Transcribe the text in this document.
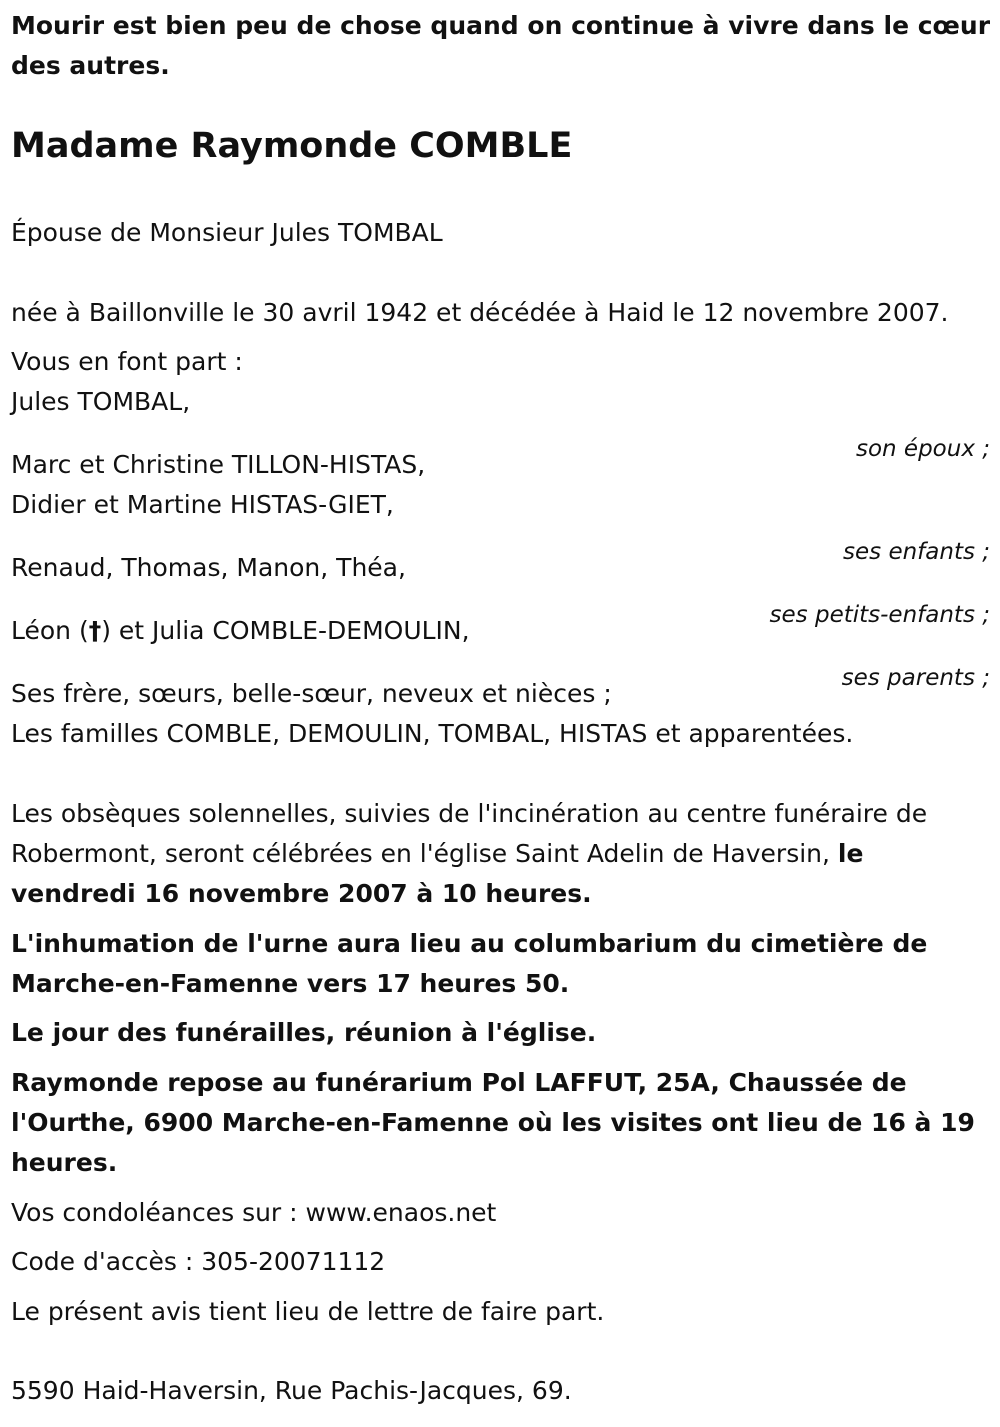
Mourir est bien peu de chose quand on continue à vivre dans le cœur

des autres.

Madame Raymonde COMBLE

Épouse de Monsieur Jules TOMBAL

née à Baillonville le 30 avril 1942 et décédée à Haid le 12 novembre 2007.

Vous en font part :

Jules TOMBAL,

son époux ;

Marc et Christine TILLON-HISTAS,

Didier et Martine HISTAS-GIET,

ses enfants ;

Renaud, Thomas, Manon, Théa,

ses petits-enfants ;

Léon (†) et Julia COMBLE-DEMOULIN,

ses parents ;

Ses frère, sœurs, belle-sœur, neveux et nièces ;

Les familles COMBLE, DEMOULIN, TOMBAL, HISTAS et apparentées.

Les obsèques solennelles, suivies de l'incinération au centre funéraire de

Robermont, seront célébrées en l'église Saint Adelin de Haversin, le

vendredi 16 novembre 2007 à 10 heures.

L'inhumation de l'urne aura lieu au columbarium du cimetière de

Marche-en-Famenne vers 17 heures 50.

Le jour des funérailles, réunion à l'église.

Raymonde repose au funérarium Pol LAFFUT, 25A, Chaussée de

l'Ourthe, 6900 Marche-en-Famenne où les visites ont lieu de 16 à 19

heures.

Vos condoléances sur : www.enaos.net

Code d'accès : 305-20071112

Le présent avis tient lieu de lettre de faire part.

5590 Haid-Haversin, Rue Pachis-Jacques, 69.
